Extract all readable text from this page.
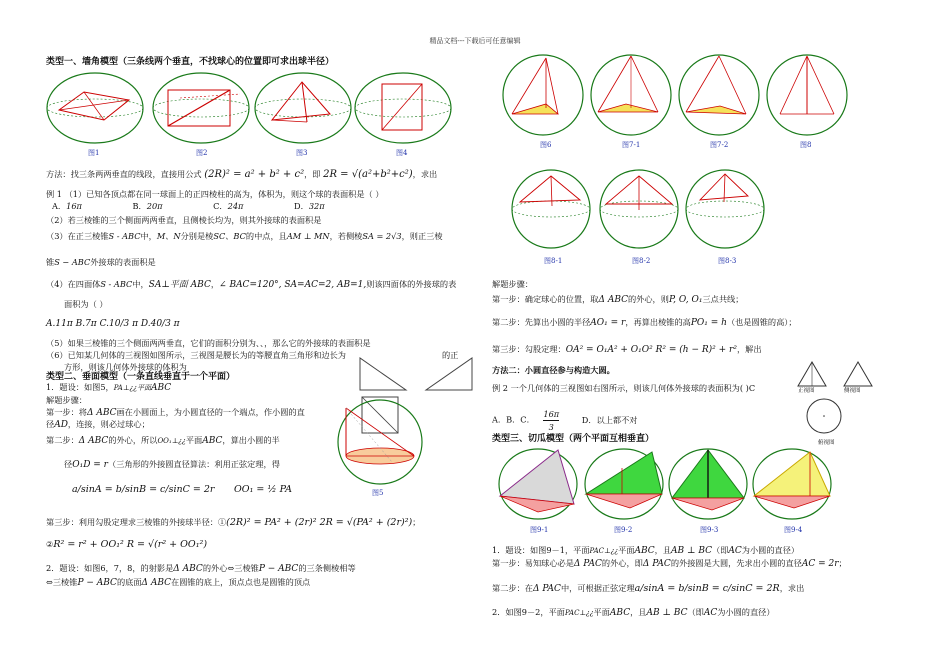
精品文档---下载后可任意编辑
类型一、墙角模型（三条线两个垂直，不找球心的位置即可求出球半径）
图1	图2	图3	图4
方法：找三条两两垂直的线段，直接用公式 (2R)² = a² + b² + c²，即 2R = √(a²+b²+c²)，求出
例 1 （1）已知各顶点都在同一球面上的正四棱柱的高为，体积为，则这个球的表面积是（ ）
A．16π	B．20π	C．24π	D．32π
（2）若三棱锥的三个侧面两两垂直，且侧棱长均为，则其外接球的表面积是
（3）在正三棱锥S - ABC中，M、N分别是棱SC、BC的中点，且AM ⊥ MN，若侧棱SA = 2√3，则正三棱
锥S − ABC外接球的表面积是
（4）在四面体S - ABC中，SA⊥平面 ABC，∠ BAC=120°, SA=AC=2, AB=1,则该四面体的外接球的表
面积为（ ）
A.11π B.7π C.10/3 π D.40/3 π
（5）如果三棱锥的三个侧面两两垂直，它们的面积分别为、、，那么它的外接球的表面积是
（6）已知某几何体的三视图如图所示，三视图是腰长为的等腰直角三角形和边长为	的正
方形，则该几何体外接球的体积为
类型二、垂面模型（一条直线垂直于一个平面）
1．题设：如图5，PA⊥¿¿平面ABC
解题步骤：
第一步：将Δ ABC画在小圆面上，为小圆直径的一个端点，作小圆的直
径AD，连接，则必过球心；
第二步：Δ ABC的外心，所以OO₁⊥¿¿平面ABC，算出小圆的半
径O₁D = r（三角形的外接圆直径算法：利用正弦定理，得
a/sinA = b/sinB = c/sinC = 2r OO₁ = ½ PA	图5
第三步：利用勾股定理求三棱锥的外接球半径：①(2R)² = PA² + (2r)² 2R = √(PA² + (2r)²)；
②R² = r² + OO₁² R = √(r² + OO₁²)
2．题设：如图6，7，8，的射影是Δ ABC的外心⇔三棱锥P − ABC的三条侧棱相等
⇔三棱锥P − ABC的底面Δ ABC在圆锥的底上，顶点点也是圆锥的顶点
图6	图7-1	图7-2	图8
图8-1	图8-2	图8-3
解题步骤：
第一步：确定球心的位置，取Δ ABC的外心，则P, O, O₁三点共线；
第二步：先算出小圆的半径AO₁ = r，再算出棱锥的高PO₁ = h（也是圆锥的高）；
第三步：勾股定理：OA² = O₁A² + O₁O² R² = (h − R)² + r²，解出
方法二：小圆直径参与构造大圆。
例 2 一个几何体的三视图如右图所示，则该几何体外接球的表面积为( )C
A．B．C． $\frac{16\pi}{3}$	D．以上都不对
正视图	侧视图
俯视图
类型三、切瓜模型（两个平面互相垂直）
图9-1	图9-2	图9-3	图9-4
1．题设：如图9－1，平面PAC⊥¿¿平面ABC，且AB ⊥ BC（即AC为小圆的直径）
第一步：易知球心必是Δ PAC的外心，即Δ PAC的外接圆是大圆，先求出小圆的直径AC = 2r；
第二步：在Δ PAC中，可根据正弦定理a/sinA = b/sinB = c/sinC = 2R，求出
2．如图9－2，平面PAC⊥¿¿平面ABC，且AB ⊥ BC（即AC为小圆的直径）
